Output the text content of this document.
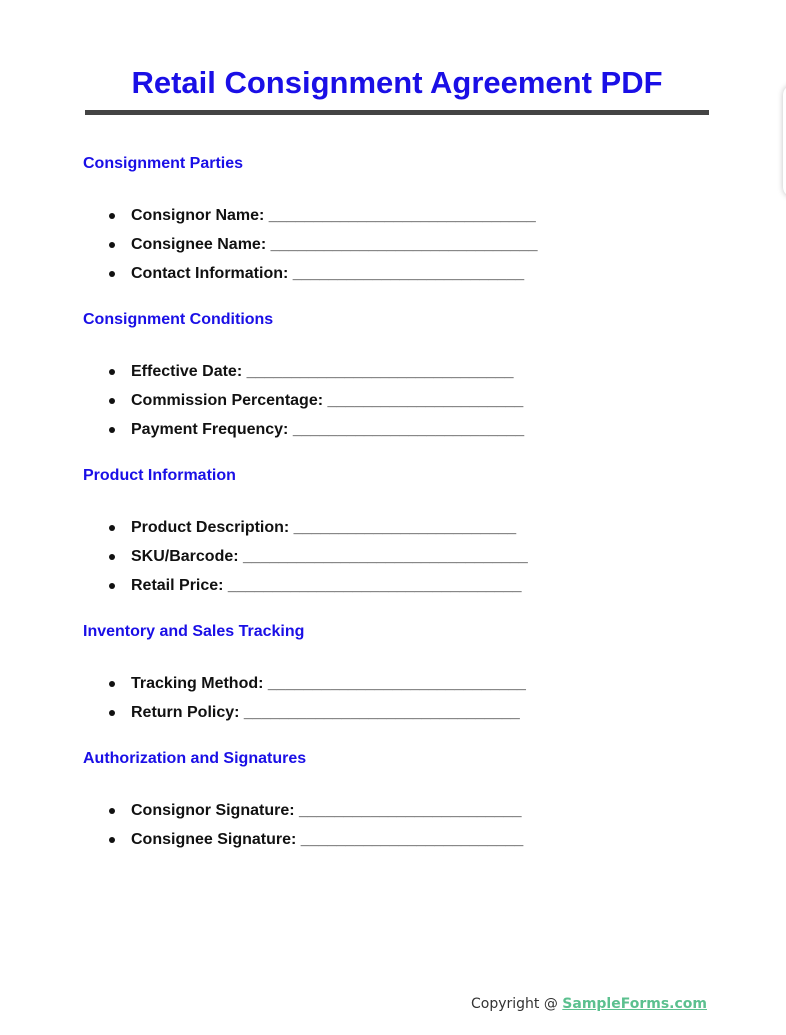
Retail Consignment Agreement PDF
Consignment Parties
Consignor Name: ______________________________
Consignee Name: ______________________________
Contact Information: __________________________
Consignment Conditions
Effective Date: ______________________________
Commission Percentage: ______________________
Payment Frequency: __________________________
Product Information
Product Description: _________________________
SKU/Barcode: ________________________________
Retail Price: _________________________________
Inventory and Sales Tracking
Tracking Method: _____________________________
Return Policy: _______________________________
Authorization and Signatures
Consignor Signature: _________________________
Consignee Signature: _________________________
Copyright @ SampleForms.com
